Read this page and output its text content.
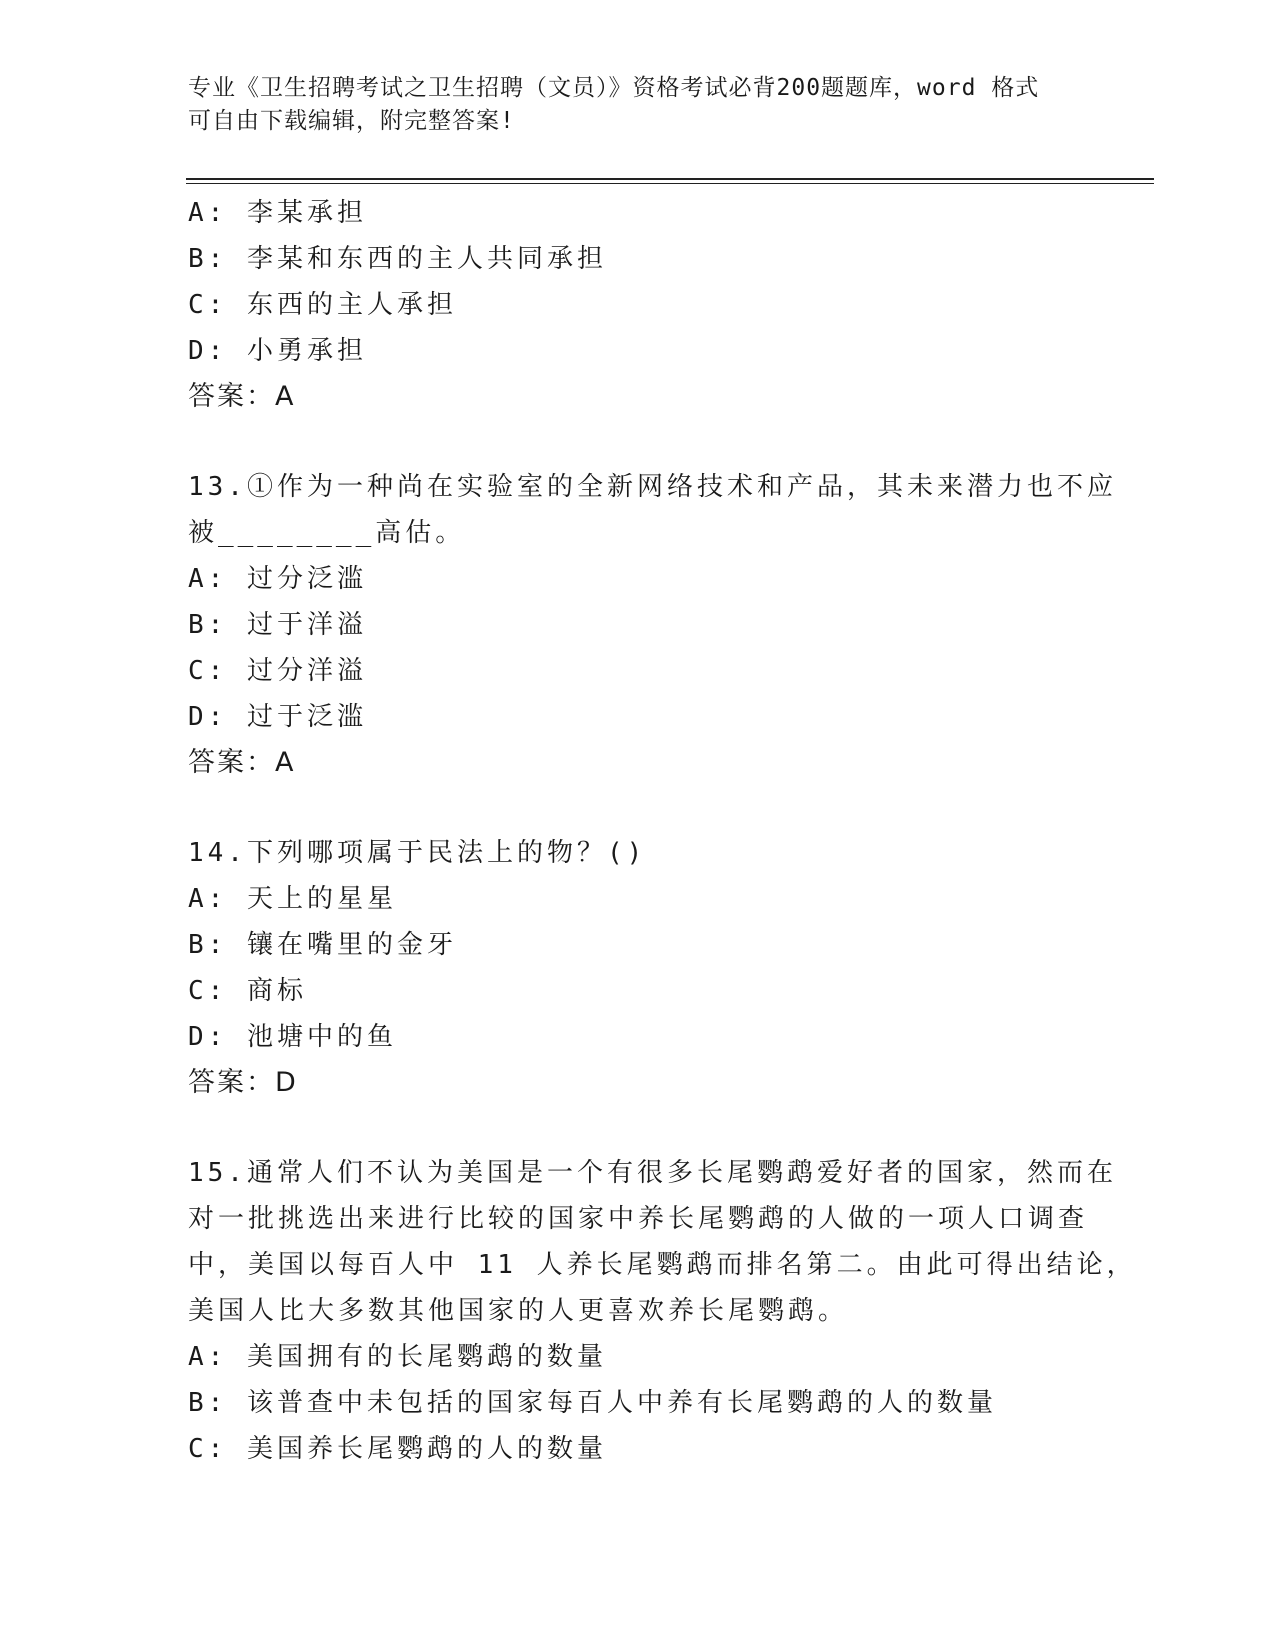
专业《卫生招聘考试之卫生招聘（文员）》资格考试必背200题题库，word 格式
可自由下载编辑，附完整答案!
A: 李某承担
B: 李某和东西的主人共同承担
C: 东西的主人承担
D: 小勇承担
答案：A
13.①作为一种尚在实验室的全新网络技术和产品，其未来潜力也不应
被________高估。
A: 过分泛滥
B: 过于洋溢
C: 过分洋溢
D: 过于泛滥
答案：A
14.下列哪项属于民法上的物？()
A: 天上的星星
B: 镶在嘴里的金牙
C: 商标
D: 池塘中的鱼
答案：D
15.通常人们不认为美国是一个有很多长尾鹦鹉爱好者的国家，然而在
对一批挑选出来进行比较的国家中养长尾鹦鹉的人做的一项人口调查
中，美国以每百人中 11 人养长尾鹦鹉而排名第二。由此可得出结论，
美国人比大多数其他国家的人更喜欢养长尾鹦鹉。
A: 美国拥有的长尾鹦鹉的数量
B: 该普查中未包括的国家每百人中养有长尾鹦鹉的人的数量
C: 美国养长尾鹦鹉的人的数量
